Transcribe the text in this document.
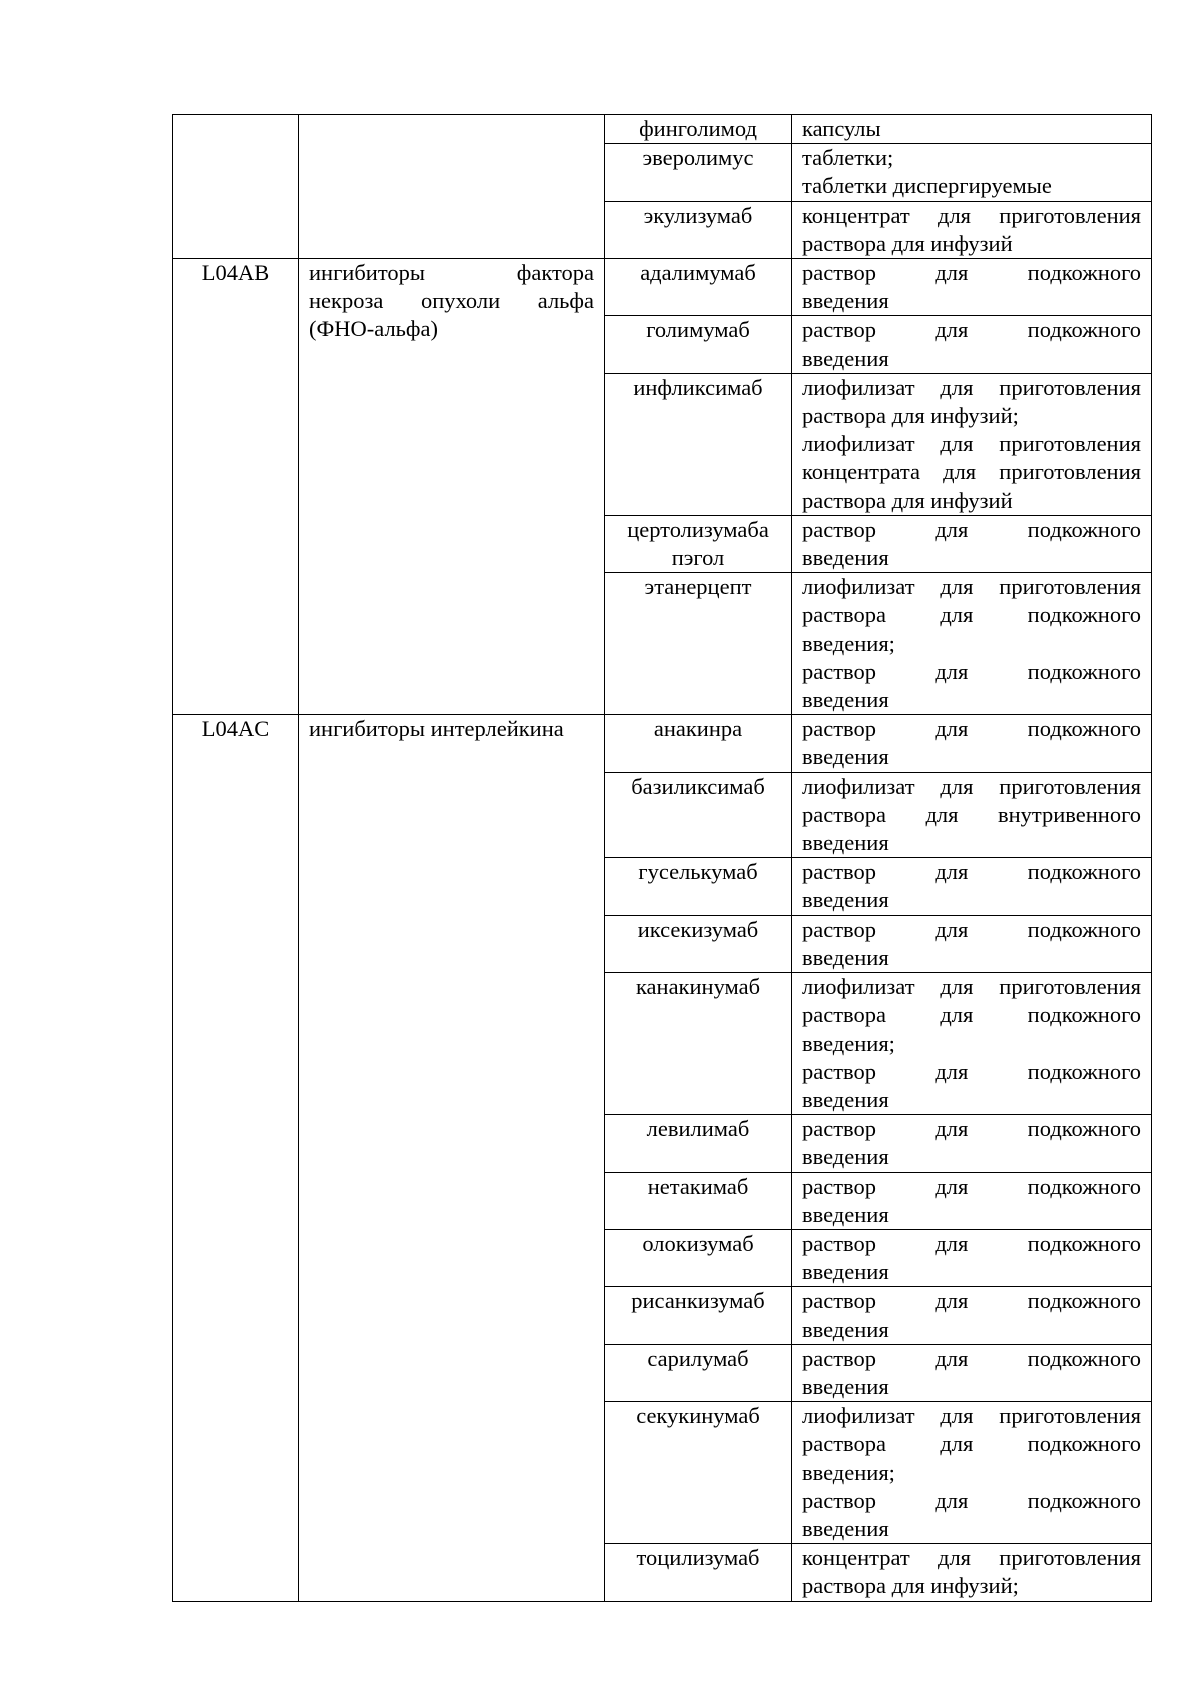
		финголимод	капсулы

		эверолимус	таблетки;
таблетки диспергируемые

		экулизумаб	концентрат для приготовления
раствора для инфузий

L04AB	ингибиторы фактора
некроза опухоли альфа
(ФНО-альфа)	адалимумаб	раствор для подкожного
введения

		голимумаб	раствор для подкожного
введения

		инфликсимаб	лиофилизат для приготовления
раствора для инфузий;
лиофилизат для приготовления
концентрата для приготовления
раствора для инфузий

		цертолизумаба пэгол	раствор для подкожного
введения

		этанерцепт	лиофилизат для приготовления
раствора для подкожного
введения;
раствор для подкожного
введения

L04AC	ингибиторы интерлейкина	анакинра	раствор для подкожного
введения

		базиликсимаб	лиофилизат для приготовления
раствора для внутривенного
введения

		гуселькумаб	раствор для подкожного
введения

		иксекизумаб	раствор для подкожного
введения

		канакинумаб	лиофилизат для приготовления
раствора для подкожного
введения;
раствор для подкожного
введения

		левилимаб	раствор для подкожного
введения

		нетакимаб	раствор для подкожного
введения

		олокизумаб	раствор для подкожного
введения

		рисанкизумаб	раствор для подкожного
введения

		сарилумаб	раствор для подкожного
введения

		секукинумаб	лиофилизат для приготовления
раствора для подкожного
введения;
раствор для подкожного
введения

		тоцилизумаб	концентрат для приготовления
раствора для инфузий;
